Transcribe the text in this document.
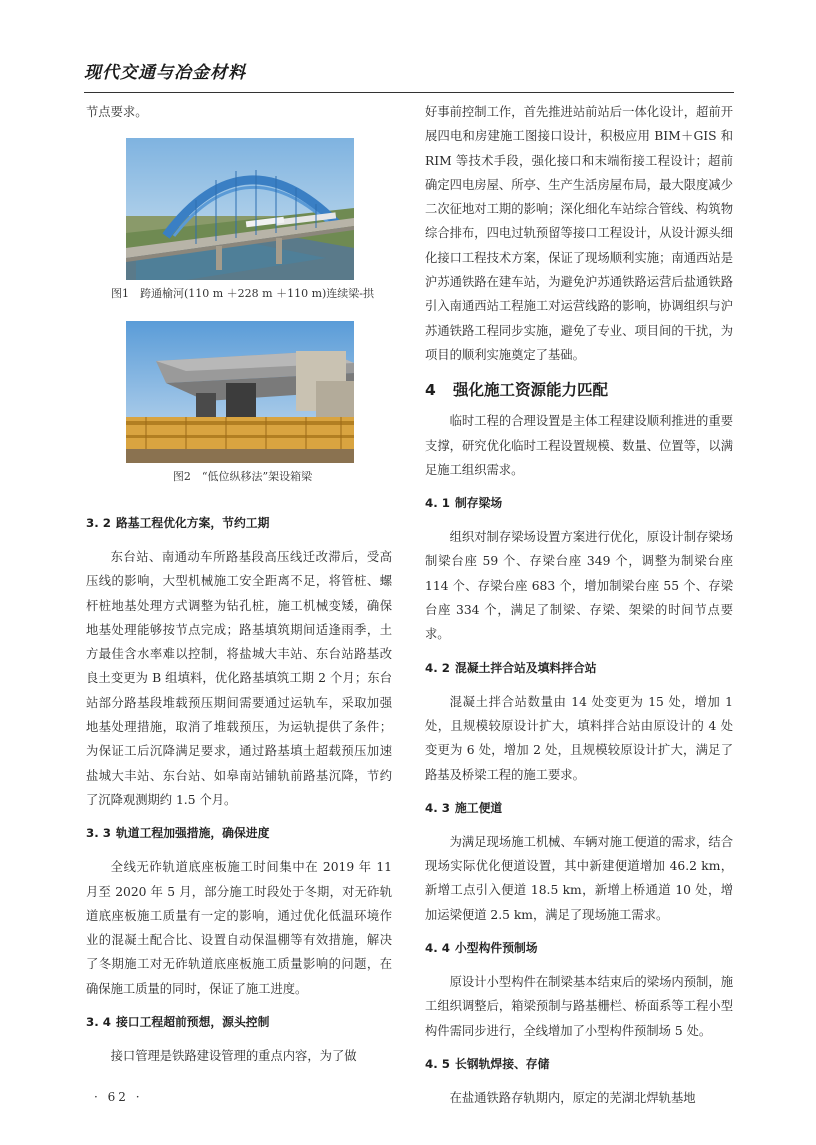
现代交通与冶金材料
节点要求。
图1　跨通榆河(110 m ＋228 m ＋110 m)连续梁-拱
图2　“低位纵移法”架设箱梁
3. 2 路基工程优化方案，节约工期
东台站、南通动车所路基段高压线迁改滞后，受高压线的影响，大型机械施工安全距离不足，将管桩、螺杆桩地基处理方式调整为钻孔桩，施工机械变矮，确保地基处理能够按节点完成；路基填筑期间适逢雨季，土方最佳含水率难以控制，将盐城大丰站、东台站路基改良土变更为 B 组填料，优化路基填筑工期 2 个月；东台站部分路基段堆载预压期间需要通过运轨车，采取加强地基处理措施，取消了堆载预压，为运轨提供了条件；为保证工后沉降满足要求，通过路基填土超载预压加速盐城大丰站、东台站、如皋南站铺轨前路基沉降，节约了沉降观测期约 1.5 个月。
3. 3 轨道工程加强措施，确保进度
全线无砟轨道底座板施工时间集中在 2019 年 11 月至 2020 年 5 月，部分施工时段处于冬期，对无砟轨道底座板施工质量有一定的影响，通过优化低温环境作业的混凝土配合比、设置自动保温棚等有效措施，解决了冬期施工对无砟轨道底座板施工质量影响的问题，在确保施工质量的同时，保证了施工进度。
3. 4 接口工程超前预想，源头控制
接口管理是铁路建设管理的重点内容，为了做
好事前控制工作，首先推进站前站后一体化设计，超前开展四电和房建施工图接口设计，积极应用 BIM＋GIS 和 RIM 等技术手段，强化接口和末端衔接工程设计；超前确定四电房屋、所亭、生产生活房屋布局，最大限度减少二次征地对工期的影响；深化细化车站综合管线、构筑物综合排布，四电过轨预留等接口工程设计，从设计源头细化接口工程技术方案，保证了现场顺利实施；南通西站是沪苏通铁路在建车站，为避免沪苏通铁路运营后盐通铁路引入南通西站工程施工对运营线路的影响，协调组织与沪苏通铁路工程同步实施，避免了专业、项目间的干扰，为项目的顺利实施奠定了基础。
4 强化施工资源能力匹配
临时工程的合理设置是主体工程建设顺利推进的重要支撑，研究优化临时工程设置规模、数量、位置等，以满足施工组织需求。
4. 1 制存梁场
组织对制存梁场设置方案进行优化，原设计制存梁场制梁台座 59 个、存梁台座 349 个，调整为制梁台座 114 个、存梁台座 683 个，增加制梁台座 55 个、存梁台座 334 个，满足了制梁、存梁、架梁的时间节点要求。
4. 2 混凝土拌合站及填料拌合站
混凝土拌合站数量由 14 处变更为 15 处，增加 1 处，且规模较原设计扩大，填料拌合站由原设计的 4 处变更为 6 处，增加 2 处，且规模较原设计扩大，满足了路基及桥梁工程的施工要求。
4. 3 施工便道
为满足现场施工机械、车辆对施工便道的需求，结合现场实际优化便道设置，其中新建便道增加 46.2 km，新增工点引入便道 18.5 km，新增上桥通道 10 处，增加运梁便道 2.5 km，满足了现场施工需求。
4. 4 小型构件预制场
原设计小型构件在制梁基本结束后的梁场内预制，施工组织调整后，箱梁预制与路基栅栏、桥面系等工程小型构件需同步进行，全线增加了小型构件预制场 5 处。
4. 5 长钢轨焊接、存储
在盐通铁路存轨期内，原定的芜湖北焊轨基地
· 62 ·
